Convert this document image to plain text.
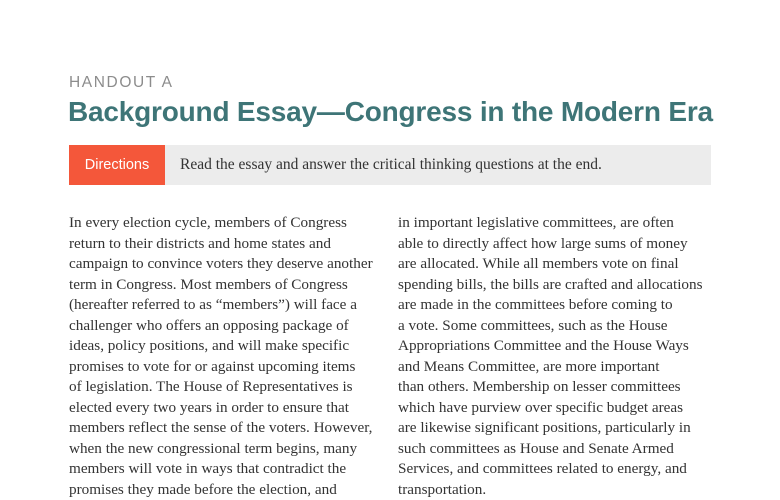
HANDOUT A
Background Essay—Congress in the Modern Era
Directions	Read the essay and answer the critical thinking questions at the end.
In every election cycle, members of Congress
return to their districts and home states and
campaign to convince voters they deserve another
term in Congress. Most members of Congress
(hereafter referred to as “members”) will face a
challenger who offers an opposing package of
ideas, policy positions, and will make specific
promises to vote for or against upcoming items
of legislation. The House of Representatives is
elected every two years in order to ensure that
members reflect the sense of the voters. However,
when the new congressional term begins, many
members will vote in ways that contradict the
promises they made before the election, and
in important legislative committees, are often
able to directly affect how large sums of money
are allocated. While all members vote on final
spending bills, the bills are crafted and allocations
are made in the committees before coming to
a vote. Some committees, such as the House
Appropriations Committee and the House Ways
and Means Committee, are more important
than others. Membership on lesser committees
which have purview over specific budget areas
are likewise significant positions, particularly in
such committees as House and Senate Armed
Services, and committees related to energy, and
transportation.
